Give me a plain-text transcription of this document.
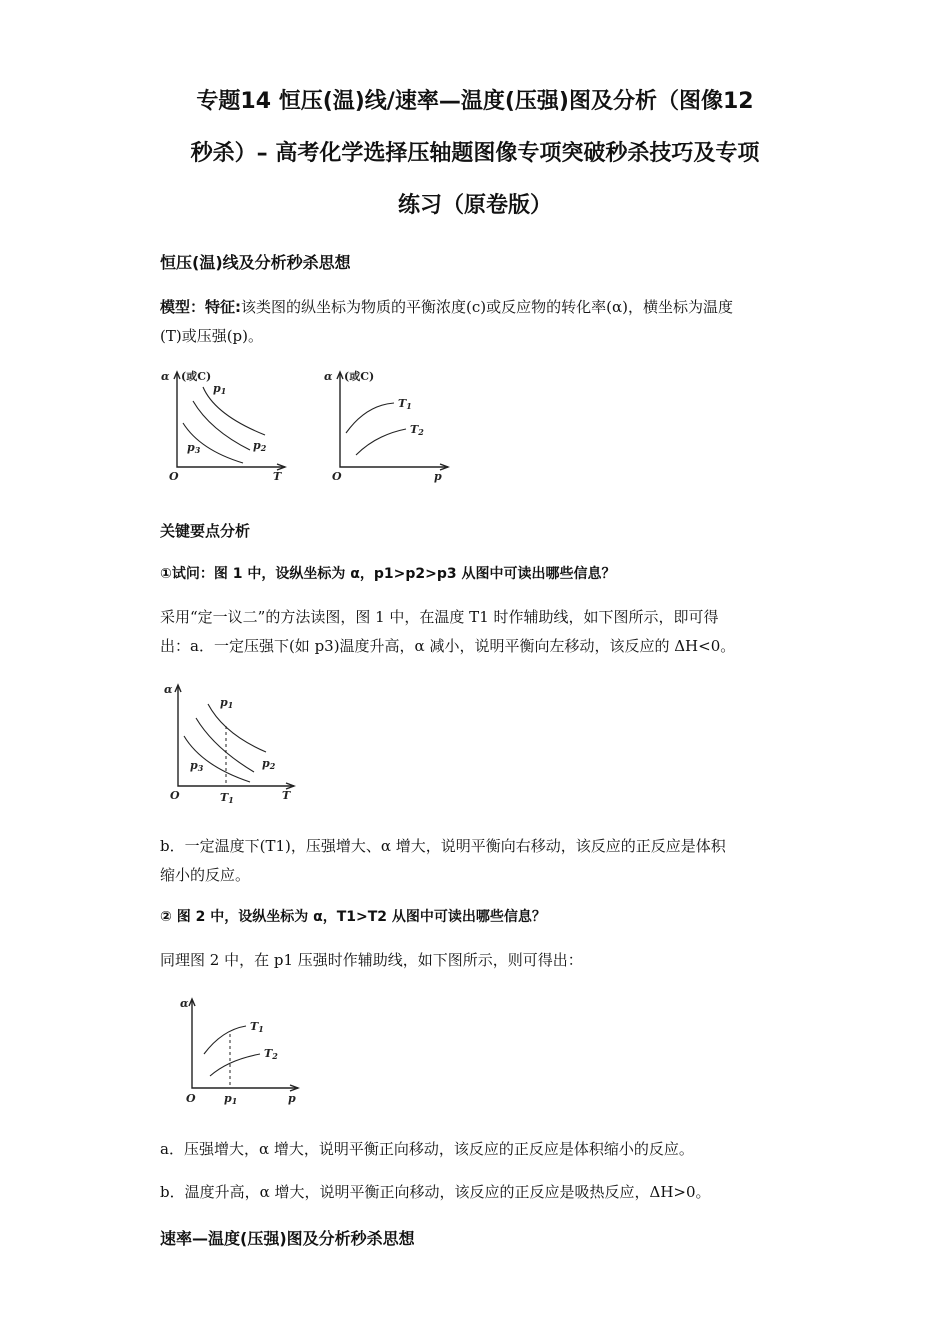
专题14 恒压(温)线/速率—温度(压强)图及分析（图像12
秒杀）– 高考化学选择压轴题图像专项突破秒杀技巧及专项
练习（原卷版）
恒压(温)线及分析秒杀思想
模型：特征:该类图的纵坐标为物质的平衡浓度(c)或反应物的转化率(α)，横坐标为温度
(T)或压强(p)。
α (或C)
O	T
p1
p2
p3
α (或C)
O	p
T1
T2
关键要点分析
①试问：图 1 中，设纵坐标为 α，p1>p2>p3 从图中可读出哪些信息？
采用“定一议二”的方法读图，图 1 中，在温度 T1 时作辅助线，如下图所示，即可得
出：a．一定压强下(如 p3)温度升高，α 减小，说明平衡向左移动，该反应的 ΔH<0。
α
O	T
T1
p1
p2
p3
b．一定温度下(T1)，压强增大、α 增大，说明平衡向右移动，该反应的正反应是体积
缩小的反应。
② 图 2 中，设纵坐标为 α，T1>T2 从图中可读出哪些信息？
同理图 2 中，在 p1 压强时作辅助线，如下图所示，则可得出：
α
O	p
p1
T1
T2
a．压强增大，α 增大，说明平衡正向移动，该反应的正反应是体积缩小的反应。
b．温度升高，α 增大，说明平衡正向移动，该反应的正反应是吸热反应，ΔH>0。
速率—温度(压强)图及分析秒杀思想
